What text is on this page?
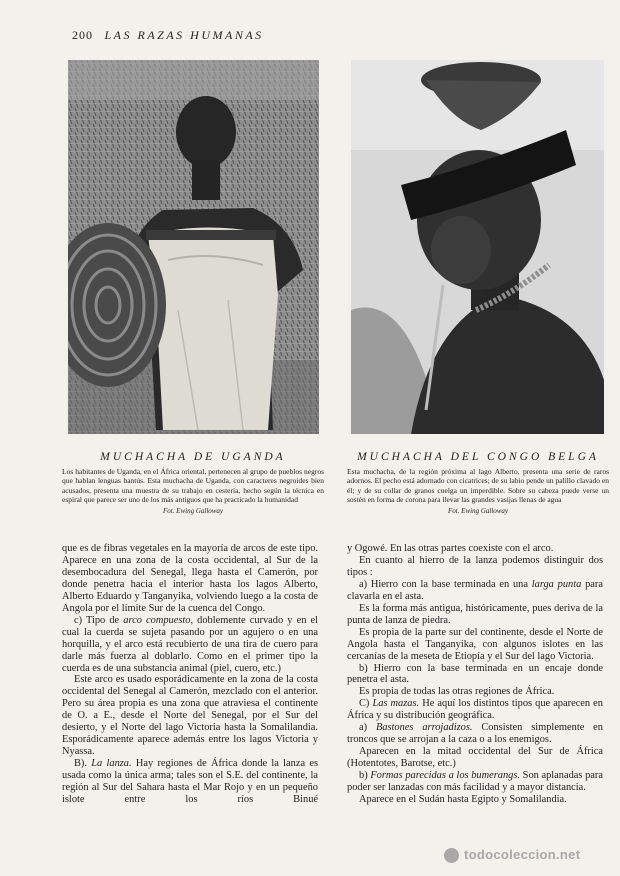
200 LAS RAZAS HUMANAS
MUCHACHA DE UGANDA
Los habitantes de Uganda, en el África oriental, pertenecen al grupo de pueblos negros que hablan lenguas bantús. Esta muchacha de Uganda, con caracteres negroides bien acusados, presenta una muestra de su trabajo en cestería, hecho según la técnica en espiral que parece ser uno de los más antiguos que ha practicado la humanidad
Fot. Ewing Galloway
MUCHACHA DEL CONGO BELGA
Esta muchacha, de la región próxima al lago Alberto, presenta una serie de raros adornos. El pecho está adornado con cicatrices; de su labio pende un palillo clavado en él; y de su collar de granos cuelga un imperdible. Sobre su cabeza puede verse un sostén en forma de corona para llevar las grandes vasijas llenas de agua
Fot. Ewing Galloway

que es de fibras vegetales en la mayoría de arcos de este tipo. Aparece en una zona de la costa occidental, al Sur de la desembocadura del Senegal, llega hasta el Camerón, por donde penetra hacia el interior hasta los lagos Alberto, Alberto Eduardo y Tanganyika, volviendo luego a la costa de Angola por el límite Sur de la cuenca del Congo.

c) Tipo de arco compuesto, doblemente curvado y en el cual la cuerda se sujeta pasando por un agujero o en una horquilla, y el arco está recubierto de una tira de cuero para darle más fuerza al doblarlo. Como en el primer tipo la cuerda es de una substancia animal (piel, cuero, etc.)

Este arco es usado esporádicamente en la zona de la costa occidental del Senegal al Camerón, mezclado con el anterior. Pero su área propia es una zona que atraviesa el continente de O. a E., desde el Norte del Senegal, por el Sur del desierto, y el Norte del lago Victoria hasta la Somalilandia. Esporádicamente aparece además entre los lagos Victoria y Nyassa.

B). La lanza. Hay regiones de África donde la lanza es usada como la única arma; tales son el S.E. del continente, la región al Sur del Sahara hasta el Mar Rojo y en un pequeño islote entre los ríos Binué

y Ogowé. En las otras partes coexiste con el arco.

En cuanto al hierro de la lanza podemos distinguir dos tipos :

a) Hierro con la base terminada en una larga punta para clavarla en el asta.

Es la forma más antigua, históricamente, pues deriva de la punta de lanza de piedra.

Es propia de la parte sur del continente, desde el Norte de Angola hasta el Tanganyika, con algunos islotes en las cercanías de la meseta de Etiopía y el Sur del lago Victoria.

b) Hierro con la base terminada en un encaje donde penetra el asta.

Es propia de todas las otras regiones de África.

C) Las mazas. He aquí los distintos tipos que aparecen en África y su distribución geográfica.

a) Bastones arrojadizos. Consisten simplemente en troncos que se arrojan a la caza o a los enemigos.

Aparecen en la mitad occidental del Sur de África (Hotentotes, Barotse, etc.)

b) Formas parecidas a los bumerangs. Son aplanadas para poder ser lanzadas con más facilidad y a mayor distancia.

Aparece en el Sudán hasta Egipto y Somalilandia.

todocoleccion.net
